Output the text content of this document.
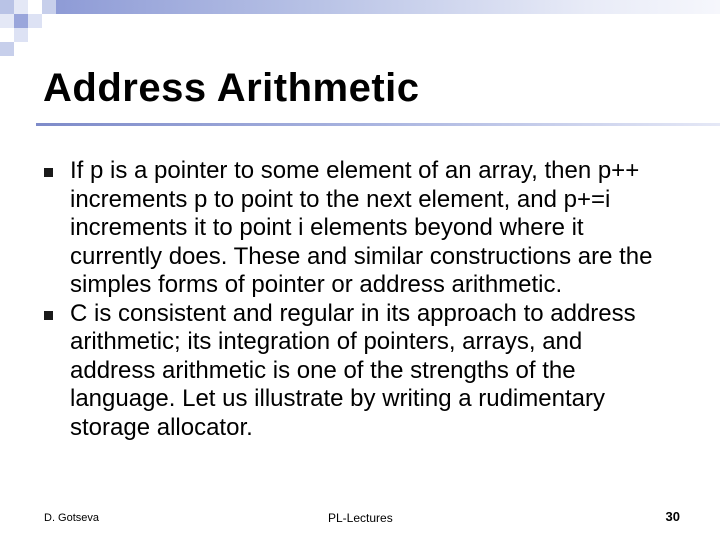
Address Arithmetic
If p is a pointer to some element of an array, then p++ increments p to point to the next element, and p+=i increments it to point i elements beyond where it currently does. These and similar constructions are the simples forms of pointer or address arithmetic.
C is consistent and regular in its approach to address arithmetic; its integration of pointers, arrays, and address arithmetic is one of the strengths of the language. Let us illustrate by writing a rudimentary storage allocator.
D. Gotseva	PL-Lectures	30
